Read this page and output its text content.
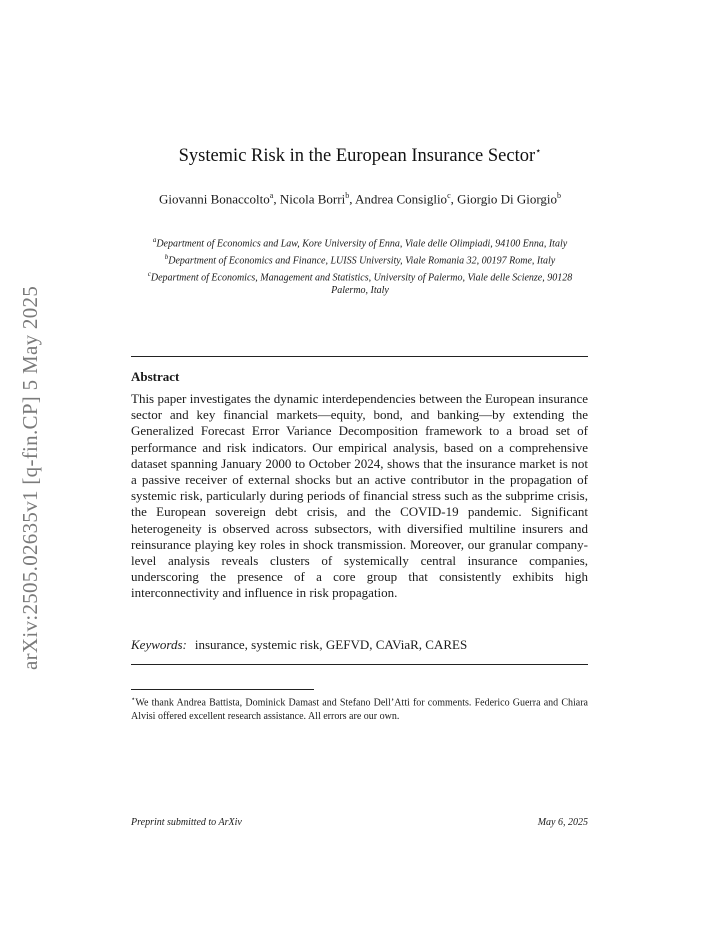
arXiv:2505.02635v1 [q-fin.CP] 5 May 2025
Systemic Risk in the European Insurance Sector⋆
Giovanni Bonaccolto$^a$, Nicola Borri$^b$, Andrea Consiglio$^c$, Giorgio Di Giorgio$^b$
$^a$Department of Economics and Law, Kore University of Enna, Viale delle Olimpiadi, 94100 Enna, Italy
$^b$Department of Economics and Finance, LUISS University, Viale Romania 32, 00197 Rome, Italy
$^c$Department of Economics, Management and Statistics, University of Palermo, Viale delle Scienze, 90128 Palermo, Italy
Abstract
This paper investigates the dynamic interdependencies between the European insurance sector and key financial markets—equity, bond, and banking—by extending the Generalized Forecast Error Variance Decomposition framework to a broad set of performance and risk indicators. Our empirical analysis, based on a comprehensive dataset spanning January 2000 to October 2024, shows that the insurance market is not a passive receiver of external shocks but an active contributor in the propagation of systemic risk, particularly during periods of financial stress such as the subprime crisis, the European sovereign debt crisis, and the COVID-19 pandemic. Significant heterogeneity is observed across subsectors, with diversified multiline insurers and reinsurance playing key roles in shock transmission. Moreover, our granular company-level analysis reveals clusters of systemically central insurance companies, underscoring the presence of a core group that consistently exhibits high interconnectivity and influence in risk propagation.
Keywords: insurance, systemic risk, GEFVD, CAViaR, CARES
⋆We thank Andrea Battista, Dominick Damast and Stefano Dell’Atti for comments. Federico Guerra and Chiara Alvisi offered excellent research assistance. All errors are our own.
Preprint submitted to ArXiv	May 6, 2025
